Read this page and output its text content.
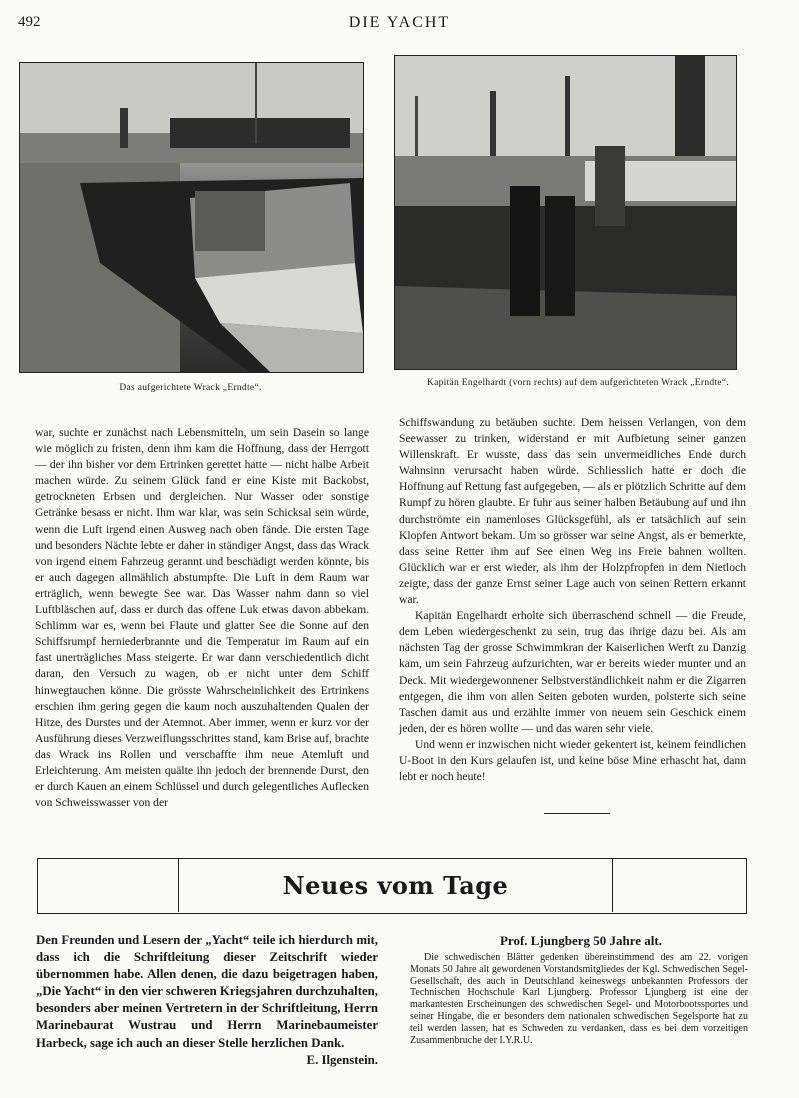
492	DIE YACHT
Das aufgerichtete Wrack „Erndte“.	Kapitän Engelhardt (vorn rechts) auf dem aufgerichteten Wrack „Erndte“.

war, suchte er zunächst nach Lebensmitteln, um sein Dasein so lange wie möglich zu fristen, denn ihm kam die Hoffnung, dass der Herrgott — der ihn bisher vor dem Ertrinken gerettet hatte — nicht halbe Arbeit machen würde. Zu seinem Glück fand er eine Kiste mit Backobst, getrockneten Erbsen und dergleichen. Nur Wasser oder sonstige Getränke besass er nicht. Ihm war klar, was sein Schicksal sein würde, wenn die Luft irgend einen Ausweg nach oben fände. Die ersten Tage und besonders Nächte lebte er daher in ständiger Angst, dass das Wrack von irgend einem Fahrzeug gerannt und beschädigt werden könnte, bis er auch dagegen allmählich abstumpfte. Die Luft in dem Raum war erträglich, wenn bewegte See war. Das Wasser nahm dann so viel Luftbläschen auf, dass er durch das offene Luk etwas davon abbekam. Schlimm war es, wenn bei Flaute und glatter See die Sonne auf den Schiffsrumpf herniederbrannte und die Temperatur im Raum auf ein fast unerträgliches Mass steigerte. Er war dann verschiedentlich dicht daran, den Versuch zu wagen, ob er nicht unter dem Schiff hinwegtauchen könne. Die grösste Wahrscheinlichkeit des Ertrinkens erschien ihm gering gegen die kaum noch auszuhaltenden Qualen der Hitze, des Durstes und der Atemnot. Aber immer, wenn er kurz vor der Ausführung dieses Verzweiflungsschrittes stand, kam Brise auf, brachte das Wrack ins Rollen und verschaffte ihm neue Atemluft und Erleichterung. Am meisten quälte ihn jedoch der brennende Durst, den er durch Kauen an einem Schlüssel und durch gelegentliches Auflecken von Schweisswasser von der

Schiffswandung zu betäuben suchte. Dem heissen Verlangen, von dem Seewasser zu trinken, widerstand er mit Aufbietung seiner ganzen Willenskraft. Er wusste, dass das sein unvermeidliches Ende durch Wahnsinn verursacht haben würde. Schliesslich hatte er doch die Hoffnung auf Rettung fast aufgegeben, — als er plötzlich Schritte auf dem Rumpf zu hören glaubte. Er fuhr aus seiner halben Betäubung auf und ihn durchströmte ein namenloses Glücksgefühl, als er tatsächlich auf sein Klopfen Antwort bekam. Um so grösser war seine Angst, als er bemerkte, dass seine Retter ihm auf See einen Weg ins Freie bahnen wollten. Glücklich war er erst wieder, als ihm der Holzpfropfen in dem Nietloch zeigte, dass der ganze Ernst seiner Lage auch von seinen Rettern erkannt war.

Kapitän Engelhardt erholte sich überraschend schnell — die Freude, dem Leben wiedergeschenkt zu sein, trug das ihrige dazu bei. Als am nächsten Tag der grosse Schwimmkran der Kaiserlichen Werft zu Danzig kam, um sein Fahrzeug aufzurichten, war er bereits wieder munter und an Deck. Mit wiedergewonnener Selbstverständlichkeit nahm er die Zigarren entgegen, die ihm von allen Seiten geboten wurden, polsterte sich seine Taschen damit aus und erzählte immer von neuem sein Geschick einem jeden, der es hören wollte — und das waren sehr viele.

Und wenn er inzwischen nicht wieder gekentert ist, keinem feindlichen U-Boot in den Kurs gelaufen ist, und keine böse Mine erhascht hat, dann lebt er noch heute!

Neues vom Tage
Den Freunden und Lesern der „Yacht“ teile ich hierdurch mit, dass ich die Schriftleitung dieser Zeitschrift wieder übernommen habe. Allen denen, die dazu beigetragen haben, „Die Yacht“ in den vier schweren Kriegsjahren durchzuhalten, besonders aber meinen Vertretern in der Schriftleitung, Herrn Marinebaurat Wustrau und Herrn Marinebaumeister Harbeck, sage ich auch an dieser Stelle herzlichen Dank.
E. Ilgenstein.
Prof. Ljungberg 50 Jahre alt.
Die schwedischen Blätter gedenken übereinstimmend des am 22. vorigen Monats 50 Jahre alt gewordenen Vorstandsmitgliedes der Kgl. Schwedischen Segel-Gesellschaft, des auch in Deutschland keineswegs unbekannten Professors der Technischen Hochschule Karl Ljungberg. Professor Ljungberg ist eine der markantesten Erscheinungen des schwedischen Segel- und Motorbootssportes und seiner Hingabe, die er besonders dem nationalen schwedischen Segelsporte hat zu teil werden lassen, hat es Schweden zu verdanken, dass es bei dem vorzeitigen Zusammenbruche der I.Y.R.U.
